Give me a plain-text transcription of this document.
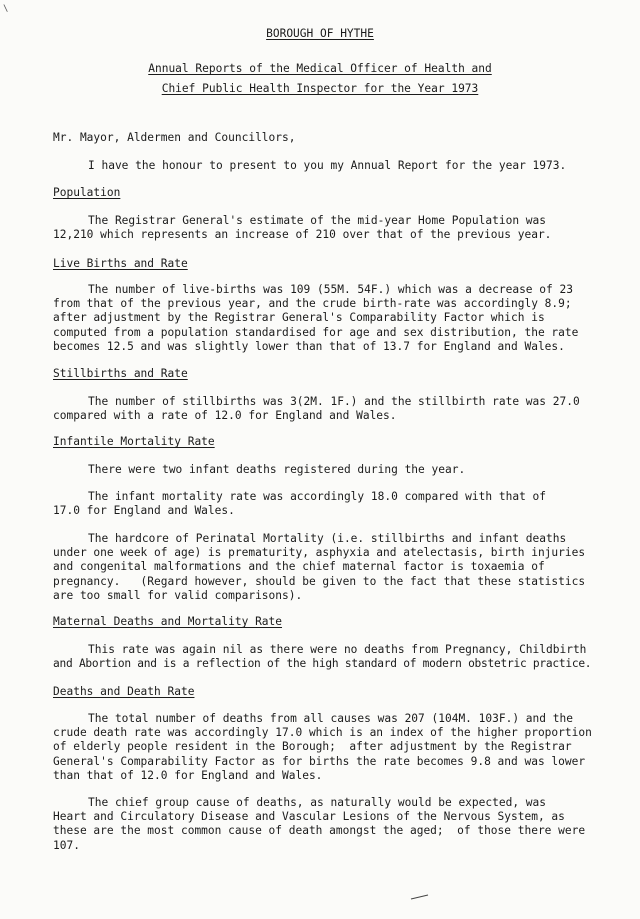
BOROUGH OF HYTHE
Annual Reports of the Medical Officer of Health and
Chief Public Health Inspector for the Year 1973
Mr. Mayor, Aldermen and Councillors,
I have the honour to present to you my Annual Report for the year 1973.
Population
The Registrar General's estimate of the mid-year Home Population was
12,210 which represents an increase of 210 over that of the previous year.
Live Births and Rate
The number of live-births was 109 (55M. 54F.) which was a decrease of 23
from that of the previous year, and the crude birth-rate was accordingly 8.9;
after adjustment by the Registrar General's Comparability Factor which is
computed from a population standardised for age and sex distribution, the rate
becomes 12.5 and was slightly lower than that of 13.7 for England and Wales.
Stillbirths and Rate
The number of stillbirths was 3(2M. 1F.) and the stillbirth rate was 27.0
compared with a rate of 12.0 for England and Wales.
Infantile Mortality Rate
There were two infant deaths registered during the year.
The infant mortality rate was accordingly 18.0 compared with that of
17.0 for England and Wales.
The hardcore of Perinatal Mortality (i.e. stillbirths and infant deaths
under one week of age) is prematurity, asphyxia and atelectasis, birth injuries
and congenital malformations and the chief maternal factor is toxaemia of
pregnancy.   (Regard however, should be given to the fact that these statistics
are too small for valid comparisons).
Maternal Deaths and Mortality Rate
This rate was again nil as there were no deaths from Pregnancy, Childbirth
and Abortion and is a reflection of the high standard of modern obstetric practice.
Deaths and Death Rate
The total number of deaths from all causes was 207 (104M. 103F.) and the
crude death rate was accordingly 17.0 which is an index of the higher proportion
of elderly people resident in the Borough;  after adjustment by the Registrar
General's Comparability Factor as for births the rate becomes 9.8 and was lower
than that of 12.0 for England and Wales.
The chief group cause of deaths, as naturally would be expected, was
Heart and Circulatory Disease and Vascular Lesions of the Nervous System, as
these are the most common cause of death amongst the aged;  of those there were
107.
\
